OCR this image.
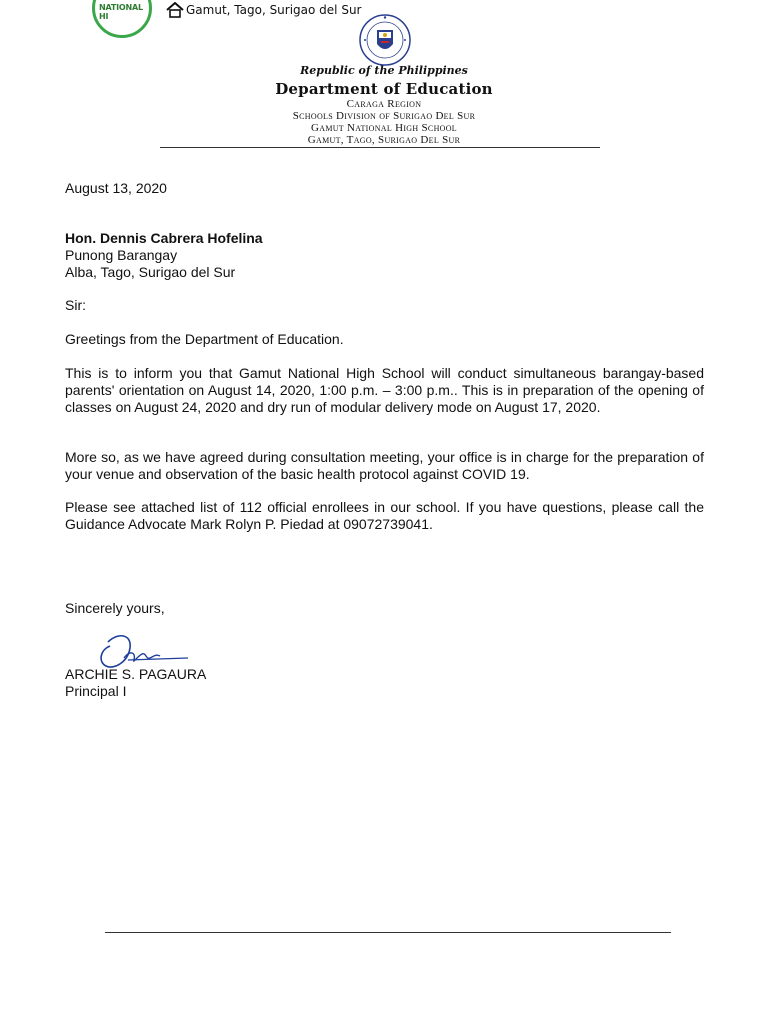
NATIONAL HI	Gamut, Tago, Surigao del Sur
Republic of the Philippines
Department of Education
Caraga Region
Schools Division of Surigao Del Sur
Gamut National High School
Gamut, Tago, Surigao Del Sur
August 13, 2020
Hon. Dennis Cabrera Hofelina
Punong Barangay
Alba, Tago, Surigao del Sur
Sir:
Greetings from the Department of Education.
This is to inform you that Gamut National High School will conduct simultaneous barangay-based parents' orientation on August 14, 2020, 1:00 p.m. – 3:00 p.m.. This is in preparation of the opening of classes on August 24, 2020 and dry run of modular delivery mode on August 17, 2020.
More so, as we have agreed during consultation meeting, your office is in charge for the preparation of your venue and observation of the basic health protocol against COVID 19.
Please see attached list of 112 official enrollees in our school. If you have questions, please call the Guidance Advocate Mark Rolyn P. Piedad at 09072739041.
Sincerely yours,
ARCHIE S. PAGAURA
Principal I
